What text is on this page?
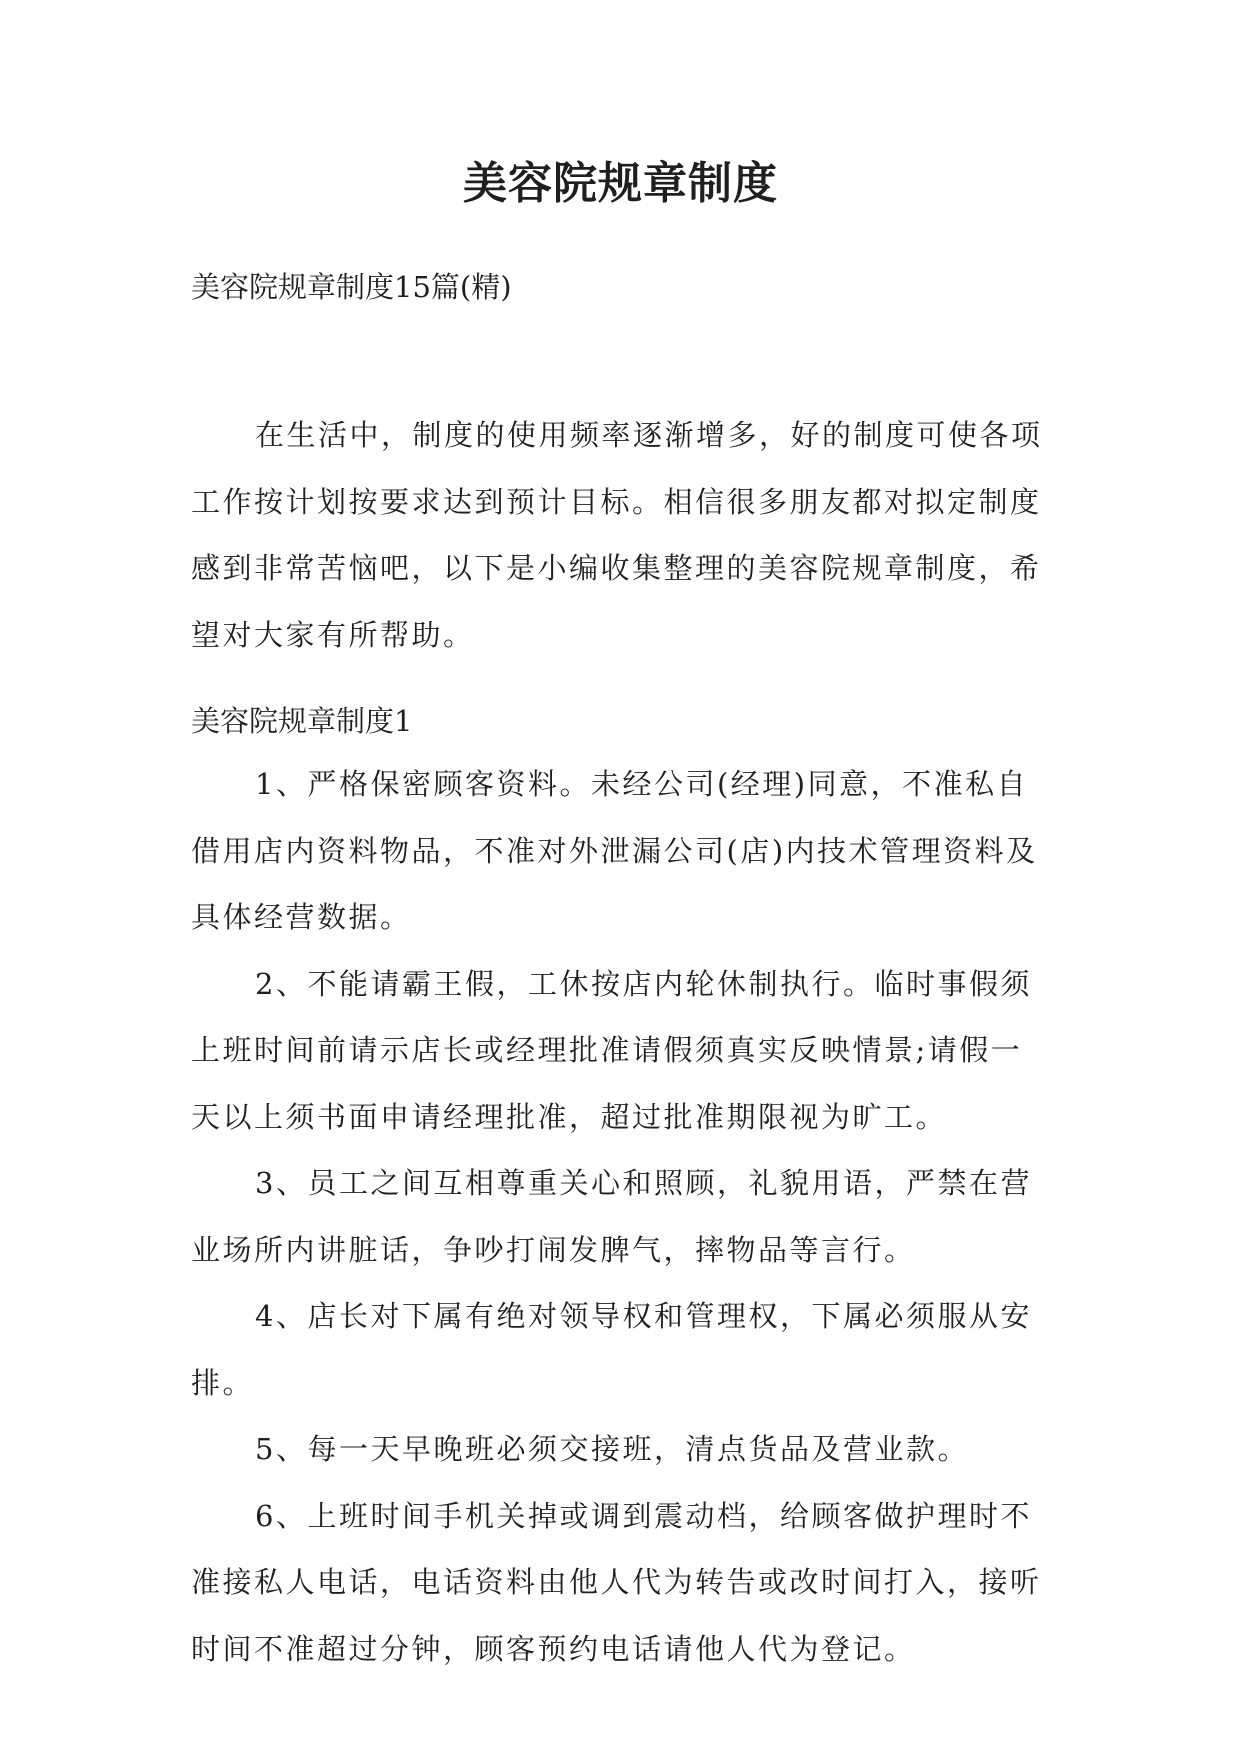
美容院规章制度

美容院规章制度15篇(精)

在生活中，制度的使用频率逐渐增多，好的制度可使各项工作按计划按要求达到预计目标。相信很多朋友都对拟定制度感到非常苦恼吧，以下是小编收集整理的美容院规章制度，希望对大家有所帮助。

美容院规章制度1

1、严格保密顾客资料。未经公司(经理)同意，不准私自借用店内资料物品，不准对外泄漏公司(店)内技术管理资料及具体经营数据。

2、不能请霸王假，工休按店内轮休制执行。临时事假须上班时间前请示店长或经理批准请假须真实反映情景;请假一天以上须书面申请经理批准，超过批准期限视为旷工。

3、员工之间互相尊重关心和照顾，礼貌用语，严禁在营业场所内讲脏话，争吵打闹发脾气，摔物品等言行。

4、店长对下属有绝对领导权和管理权，下属必须服从安排。

5、每一天早晚班必须交接班，清点货品及营业款。

6、上班时间手机关掉或调到震动档，给顾客做护理时不准接私人电话，电话资料由他人代为转告或改时间打入，接听时间不准超过分钟，顾客预约电话请他人代为登记。
